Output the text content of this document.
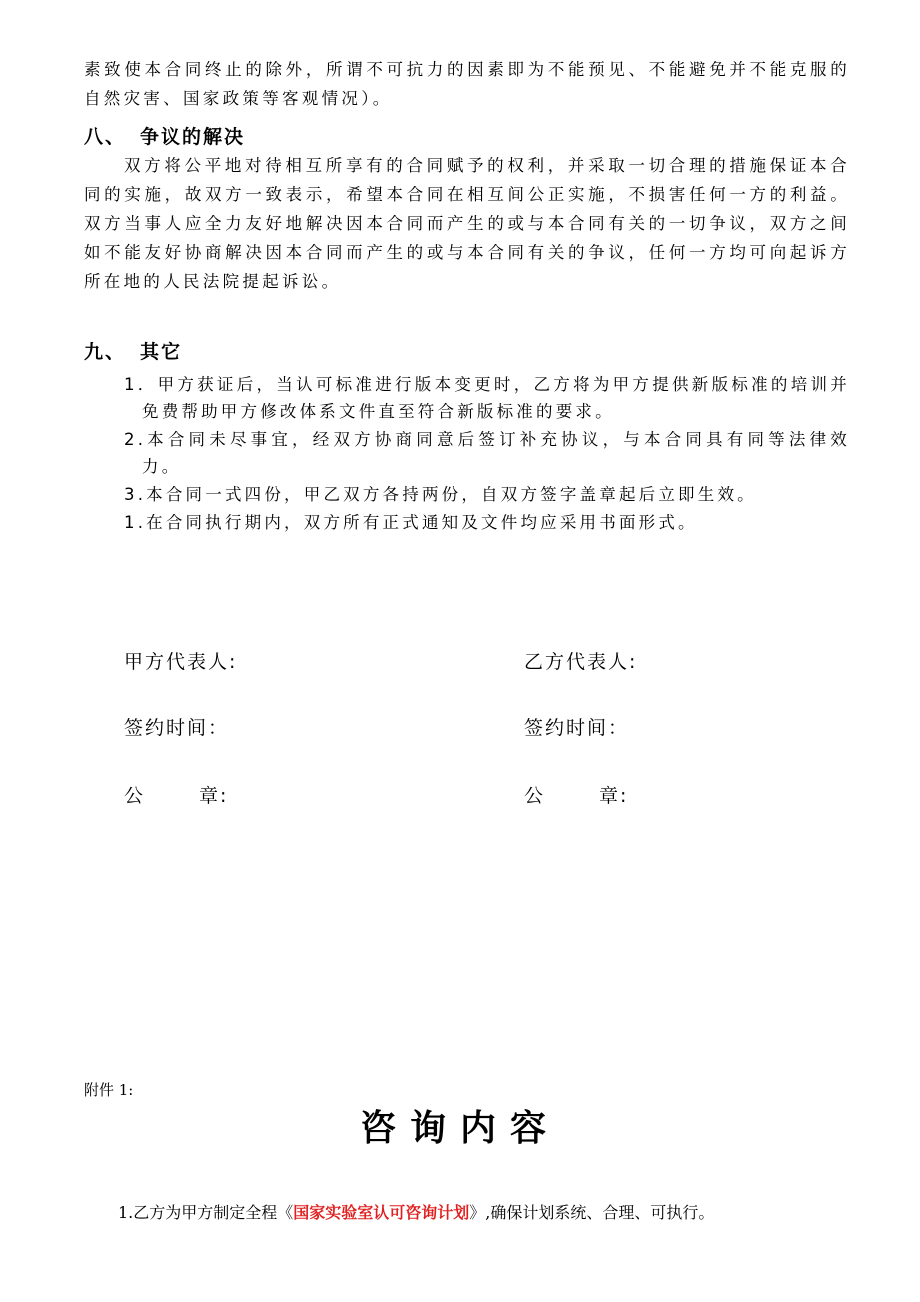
素致使本合同终止的除外，所谓不可抗力的因素即为不能预见、不能避免并不能克服的自然灾害、国家政策等客观情况）。

八、 争议的解决

双方将公平地对待相互所享有的合同赋予的权利，并采取一切合理的措施保证本合同的实施，故双方一致表示，希望本合同在相互间公正实施，不损害任何一方的利益。双方当事人应全力友好地解决因本合同而产生的或与本合同有关的一切争议，双方之间如不能友好协商解决因本合同而产生的或与本合同有关的争议，任何一方均可向起诉方所在地的人民法院提起诉讼。

九、 其它

1．甲方获证后，当认可标准进行版本变更时，乙方将为甲方提供新版标准的培训并免费帮助甲方修改体系文件直至符合新版标准的要求。
2.本合同未尽事宜，经双方协商同意后签订补充协议，与本合同具有同等法律效力。
3.本合同一式四份，甲乙双方各持两份，自双方签字盖章起后立即生效。
1.在合同执行期内，双方所有正式通知及文件均应采用书面形式。

甲方代表人:	乙方代表人:

签约时间：	签约时间：

公	章:	公	章:

附件 1:

咨询内容

1.乙方为甲方制定全程《国家实验室认可咨询计划》,确保计划系统、合理、可执行。
